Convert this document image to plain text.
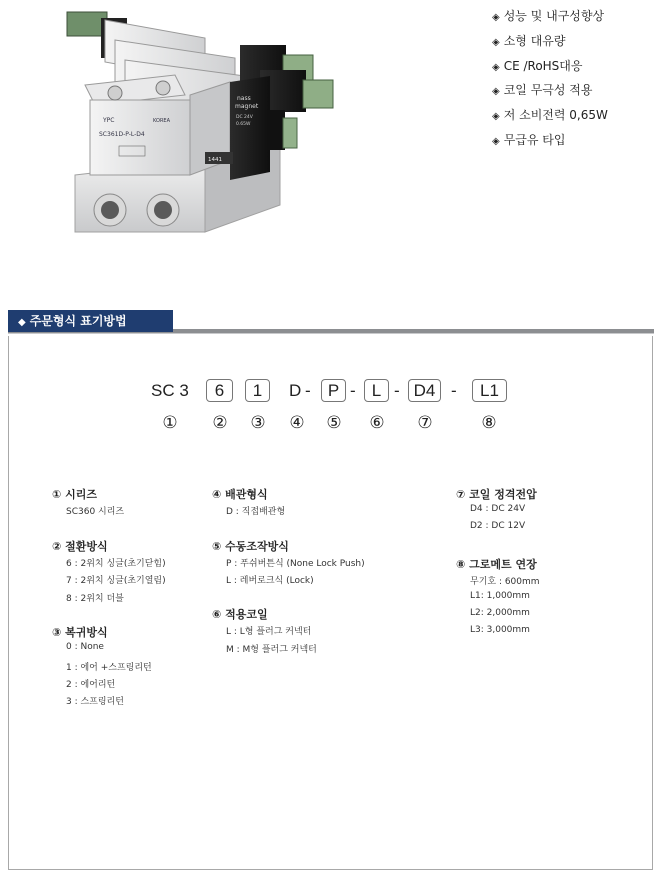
YPC	KOREA
SC361D-P-L-D4
1441
nass
magnet
DC 24V
0.65W
◈ 성능 및 내구성향상
◈ 소형 대유량
◈ CE /RoHS대응
◈ 코일 무극성 적용
◈ 저 소비전력 0,65W
◈ 무급유 타입
◆ 주문형식 표기방법
SC 3	6	1	D -	P - L - D4 -	L1
① ② ③ ④ ⑤ ⑥ ⑦	⑧
① 시리즈
SC360 시리즈
② 절환방식
6 : 2위치 싱글(초기닫힘)
7 : 2위치 싱글(초기열림)
8 : 2위치 더블
③ 복귀방식
0 : None
1 : 에어 +스프링리턴
2 : 에어리턴
3 : 스프링리턴
④ 배관형식
D : 직접배관형
⑤ 수동조작방식
P : 푸쉬버튼식 (None Lock Push)
L : 레버로크식 (Lock)
⑥ 적용코일
L : L형 플러그 커넥터
M : M형 플러그 커넥터
⑦ 코일 정격전압
D4 : DC 24V
D2 : DC 12V
⑧ 그로메트 연장
무기호 : 600mm
L1: 1,000mm
L2: 2,000mm
L3: 3,000mm
